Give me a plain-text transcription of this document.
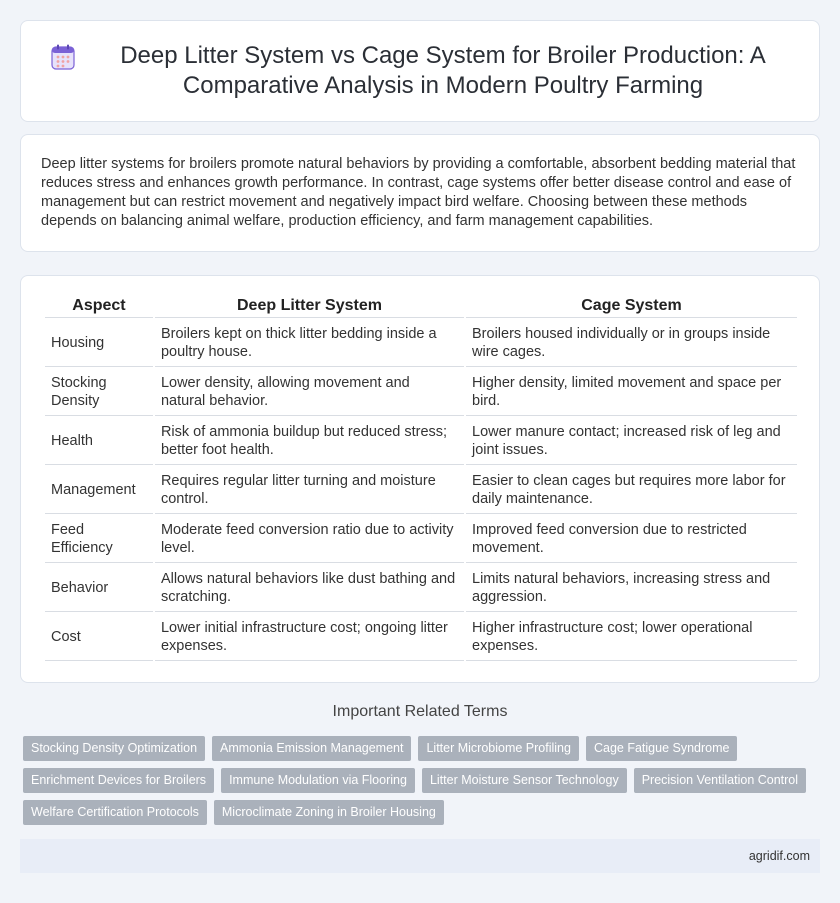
Deep Litter System vs Cage System for Broiler Production: A Comparative Analysis in Modern Poultry Farming

Deep litter systems for broilers promote natural behaviors by providing a comfortable, absorbent bedding material that reduces stress and enhances growth performance. In contrast, cage systems offer better disease control and ease of management but can restrict movement and negatively impact bird welfare. Choosing between these methods depends on balancing animal welfare, production efficiency, and farm management capabilities.

Aspect	Deep Litter System	Cage System
Housing	Broilers kept on thick litter bedding inside a poultry house.	Broilers housed individually or in groups inside wire cages.
Stocking Density	Lower density, allowing movement and natural behavior.	Higher density, limited movement and space per bird.
Health	Risk of ammonia buildup but reduced stress; better foot health.	Lower manure contact; increased risk of leg and joint issues.
Management	Requires regular litter turning and moisture control.	Easier to clean cages but requires more labor for daily maintenance.
Feed Efficiency	Moderate feed conversion ratio due to activity level.	Improved feed conversion due to restricted movement.
Behavior	Allows natural behaviors like dust bathing and scratching.	Limits natural behaviors, increasing stress and aggression.
Cost	Lower initial infrastructure cost; ongoing litter expenses.	Higher infrastructure cost; lower operational expenses.
Important Related Terms
Stocking Density Optimization	Ammonia Emission Management	Litter Microbiome Profiling	Cage Fatigue Syndrome
Enrichment Devices for Broilers	Immune Modulation via Flooring	Litter Moisture Sensor Technology	Precision Ventilation Control
Welfare Certification Protocols	Microclimate Zoning in Broiler Housing
agridif.com
